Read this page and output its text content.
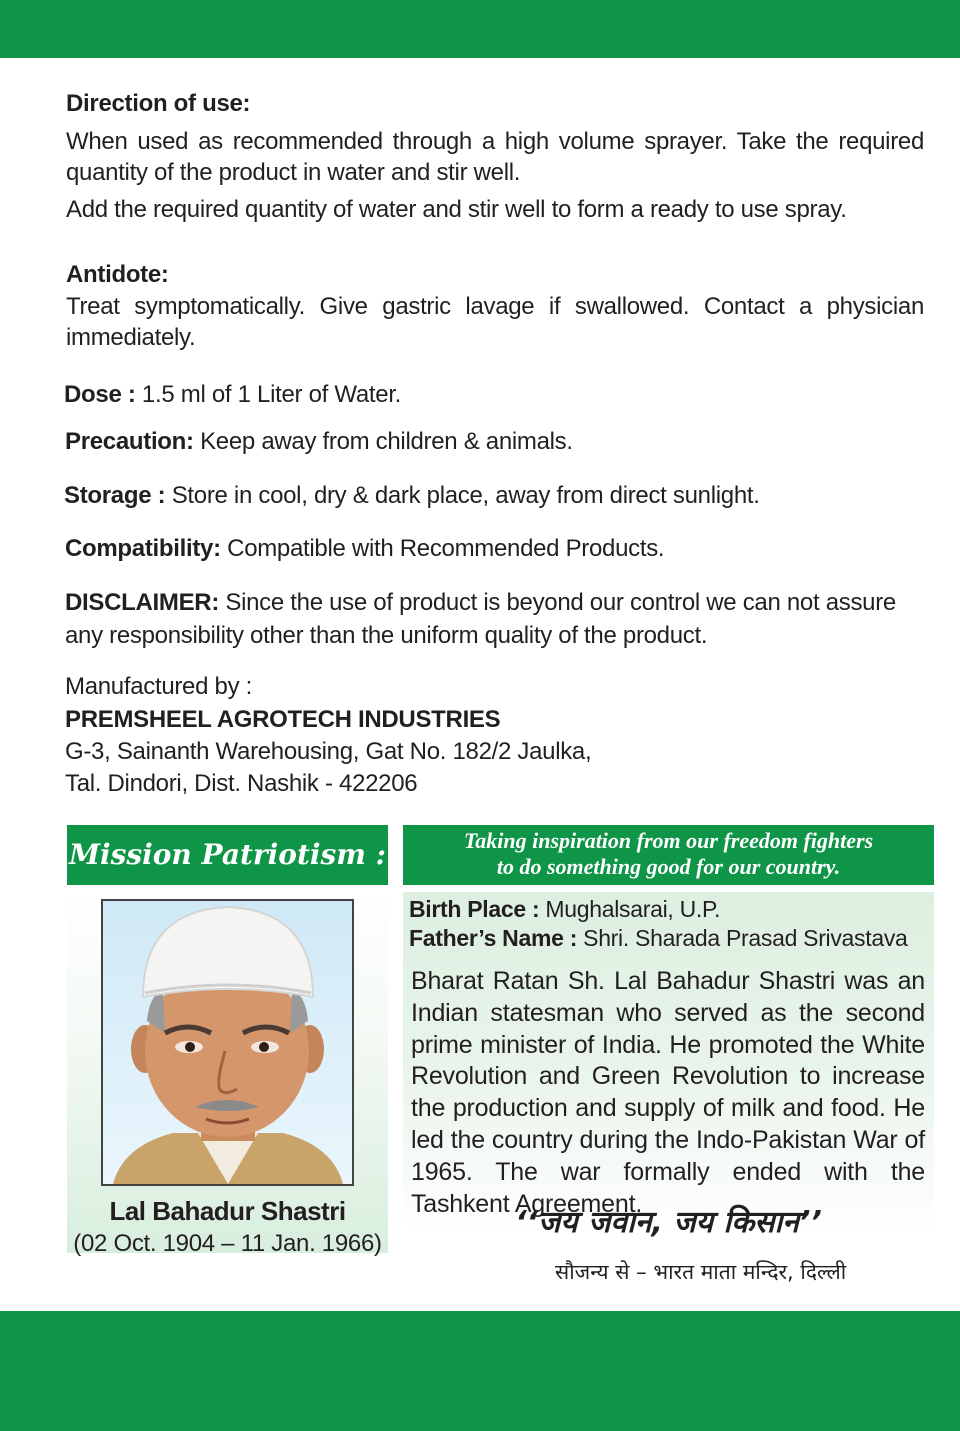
Direction of use:
When used as recommended through a high volume sprayer. Take the required quantity of the product in water and stir well.
Add the required quantity of water and stir well to form a ready to use spray.
Antidote:
Treat symptomatically. Give gastric lavage if swallowed. Contact a physician immediately.
Dose : 1.5 ml of 1 Liter of Water.
Precaution: Keep away from children & animals.
Storage : Store in cool, dry & dark place, away from direct sunlight.
Compatibility: Compatible with Recommended Products.
DISCLAIMER: Since the use of product is beyond our control we can not assure any responsibility other than the uniform quality of the product.
Manufactured by :
PREMSHEEL AGROTECH INDUSTRIES
G-3, Sainanth Warehousing, Gat No. 182/2 Jaulka,
Tal. Dindori, Dist. Nashik - 422206
Mission Patriotism :	Taking inspiration from our freedom fighters
to do something good for our country.
Lal Bahadur Shastri
(02 Oct. 1904 – 11 Jan. 1966)
Birth Place : Mughalsarai, U.P.
Father’s Name : Shri. Sharada Prasad Srivastava
Bharat Ratan Sh. Lal Bahadur Shastri was an Indian statesman who served as the second prime minister of India. He promoted the White Revolution and Green Revolution to increase the production and supply of milk and food. He led the country during the Indo-Pakistan War of 1965. The war formally ended with the Tashkent Agreement.
‘‘जय जवान, जय किसान’’
सौजन्य से – भारत माता मन्दिर, दिल्ली
